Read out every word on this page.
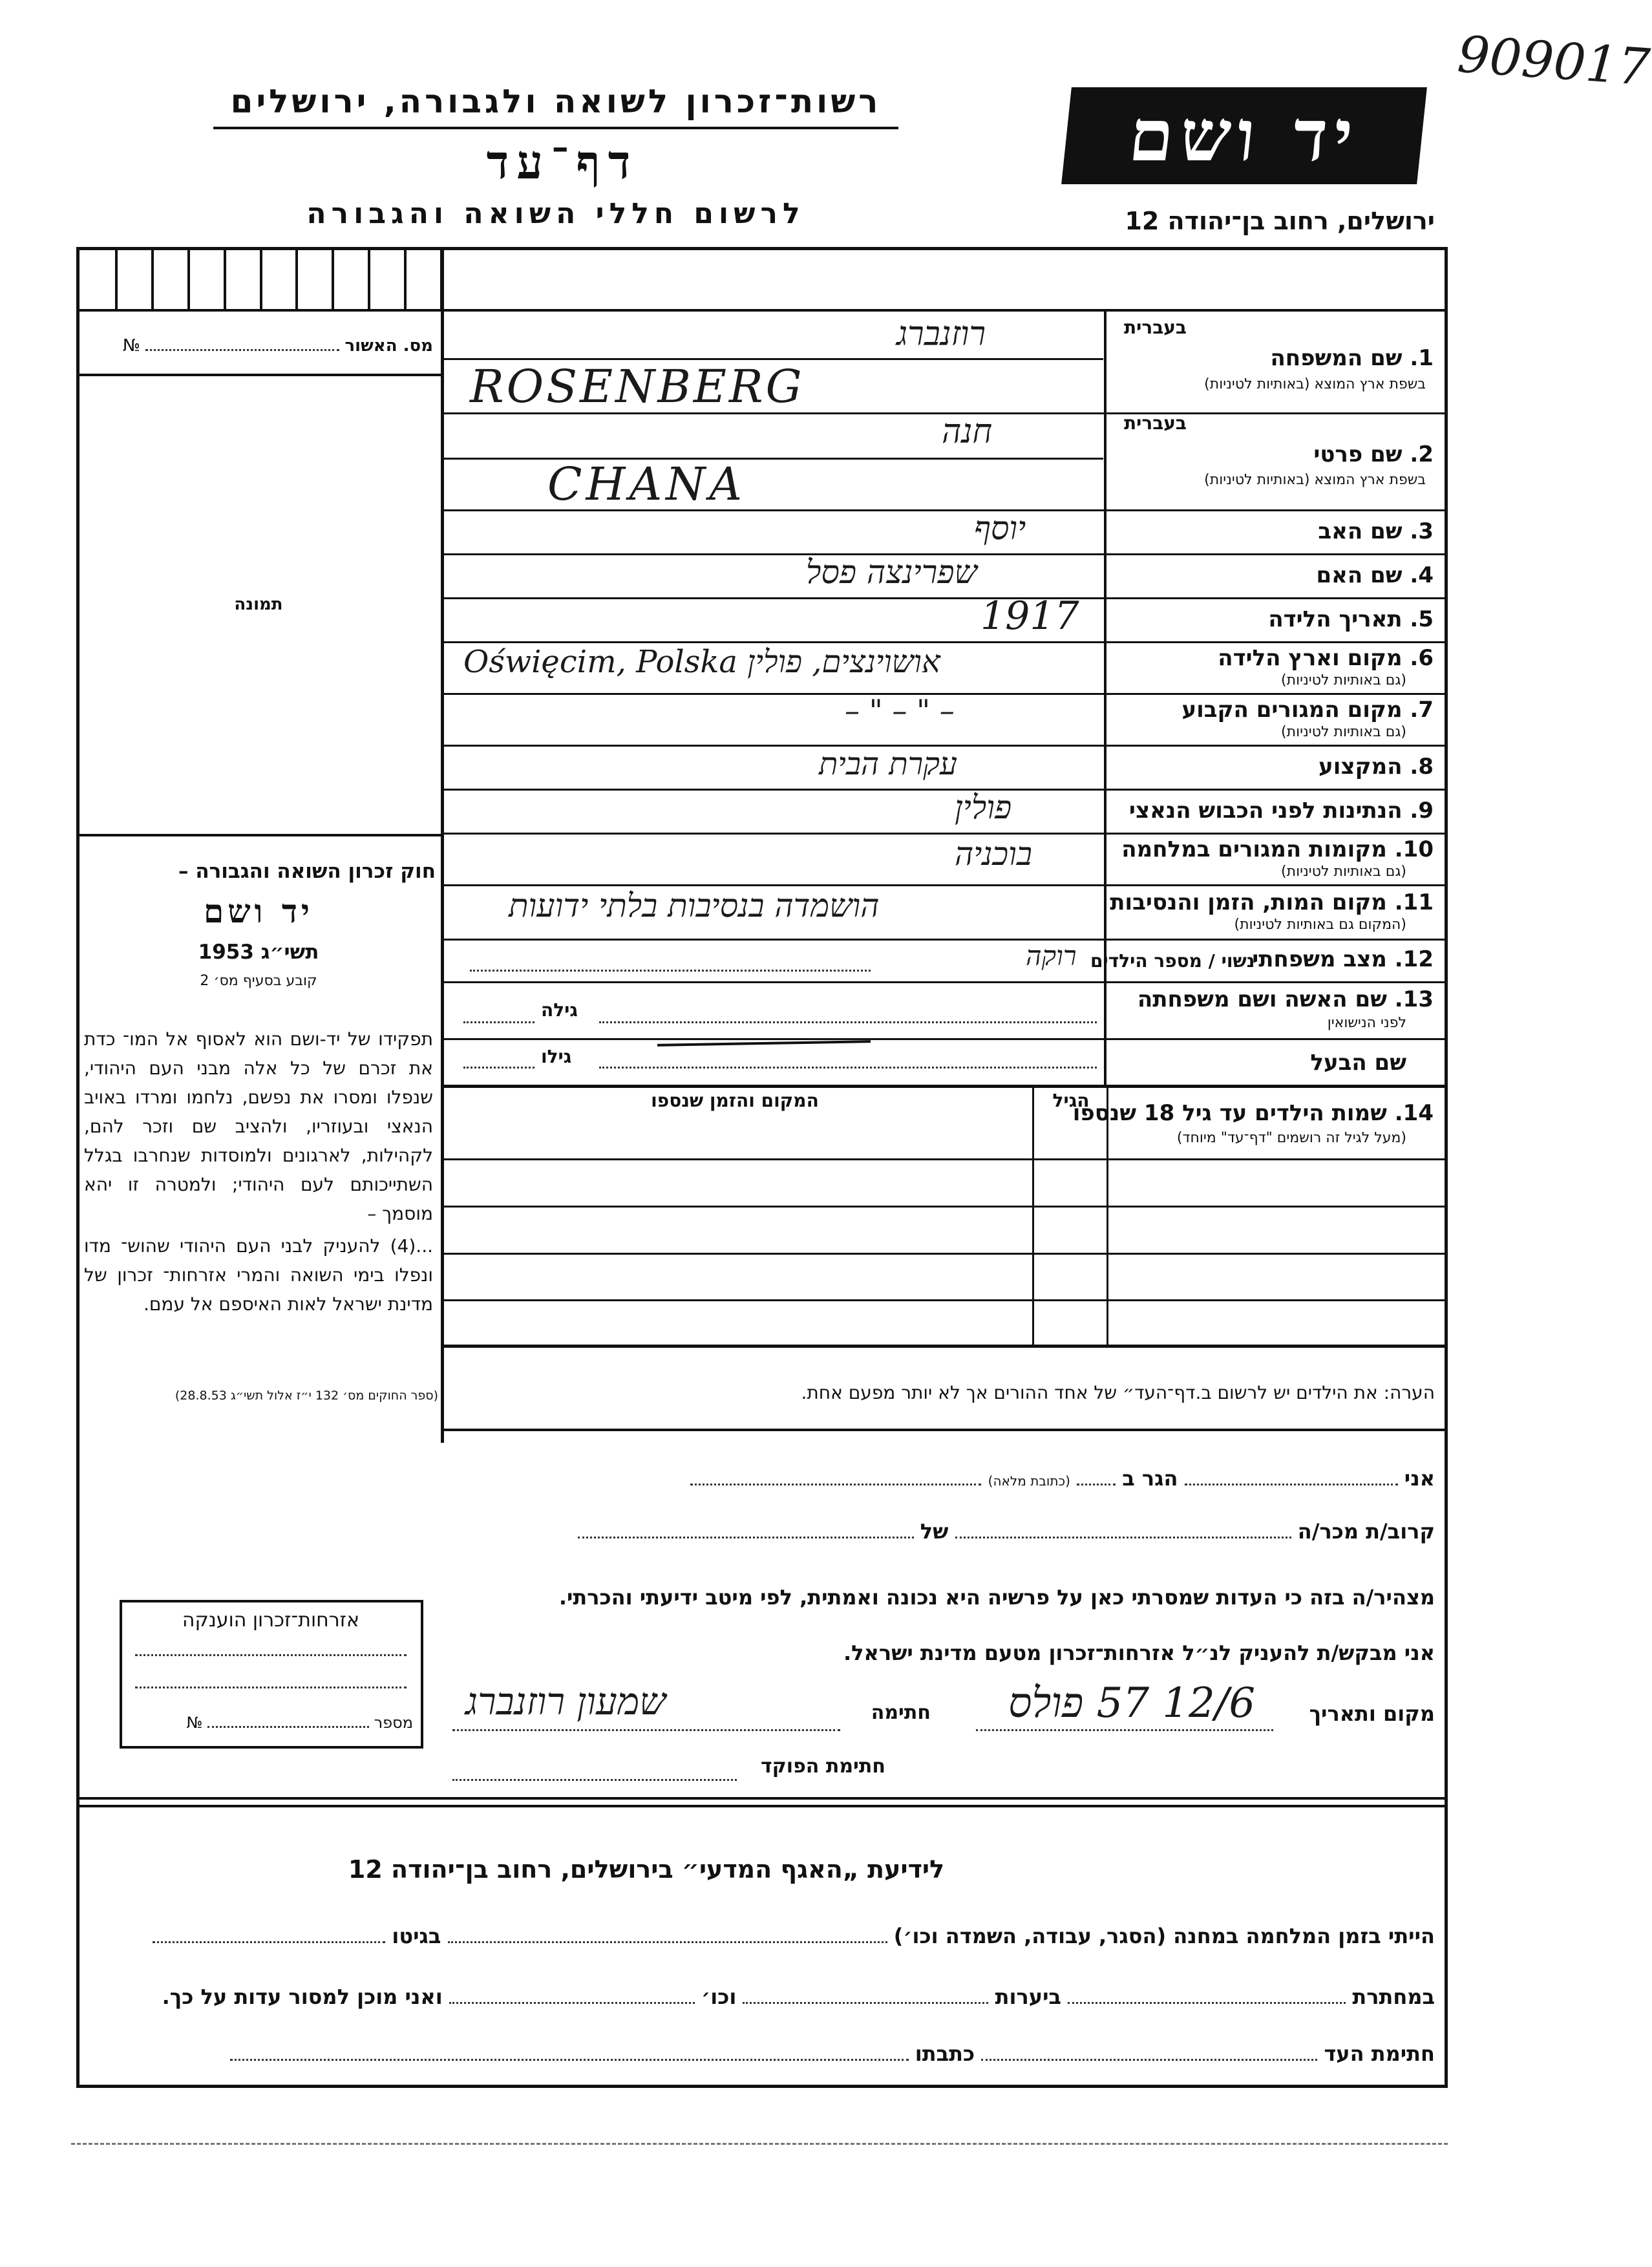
909017
רשות־זכרון לשואה ולגבורה, ירושלים
דף־עד
לרשום חללי השואה והגבורה
יד ושם
ירושלים, רחוב בן־יהודה 12
מס. האשור  №
תמונה
חוק זכרון השואה והגבורה –
יד ושם
תשי״ג 1953
קובע בסעיף מס׳ 2
תפקידו של יד-ושם הוא לאסוף אל המו־ כדת את זכרם של כל אלה מבני העם היהודי, שנפלו ומסרו את נפשם, נלחמו ומרדו באויב הנאצי ובעוזריו, ולהציב שם וזכר להם, לקהילות, לארגונים ולמוסדות שנחרבו בגלל השתייכותם לעם היהודי; ולמטרה זו יהא מוסמך –
...(4) להעניק לבני העם היהודי שהוש־ מדו ונפלו בימי השואה והמרי אזרחות־ זכרון של מדינת ישראל לאות האיספם אל עמם.
(ספר החוקים מס׳ 132 י״ז אלול תשי״ג 28.8.53)
בעברית
1. שם המשפחה
בשפת ארץ המוצא (באותיות לטיניות)
רוזנברג
ROSENBERG
בעברית
2. שם פרטי
בשפת ארץ המוצא (באותיות לטיניות)
חנה
CHANA
3. שם האב
יוסף
4. שם האם
שפרינצה פסל
5. תאריך הלידה
1917
6. מקום וארץ הלידה
(גם באותיות לטיניות)
Oświęcim, Polska אושוינצים, פולין
7. מקום המגורים הקבוע
(גם באותיות לטיניות)
– " – " –
8. המקצוע
עקרת הבית
9. הנתינות לפני הכבוש הנאצי
פולין
10. מקומות המגורים במלחמה
(גם באותיות לטיניות)
בוכניה
11. מקום המות, הזמן והנסיבות
(המקום גם באותיות לטיניות)
הושמדה בנסיבות בלתי ידועות
12. מצב משפחתי
נשוי / מספר הילדים
רוקה
13. שם האשה ושם משפחתה
לפני הנישואין
גילה
שם הבעל
גילו
14. שמות הילדים עד גיל 18 שנספו
(מעל לגיל זה רושמים "דף־עד" מיוחד)
הגיל
המקום והזמן שנספו
הערה: את הילדים יש לרשום ב.דף־העד״ של אחד ההורים אך לא יותר מפעם אחת.
אני  הגר ב  (כתובת מלאה)
קרוב/ת מכר/ה  של
מצהיר/ה בזה כי העדות שמסרתי כאן על פרשיה היא נכונה ואמתית, לפי מיטב ידיעתי והכרתי.
אני מבקש/ת להעניק לנ״ל אזרחות־זכרון מטעם מדינת ישראל.
מקום ותאריך
12/6 57 פולס
חתימה
שמעון רוזנברג
חתימת הפוקד
אזרחות־זכרון הוענקה
מספר  №
לידיעת „האגף המדעי״ בירושלים, רחוב בן־יהודה 12
הייתי בזמן המלחמה במחנה (הסגר, עבודה, השמדה וכו׳)  בגיטו
במחתרת  ביערות  וכו׳  ואני מוכן למסור עדות על כך.
חתימת העד  כתבתו
